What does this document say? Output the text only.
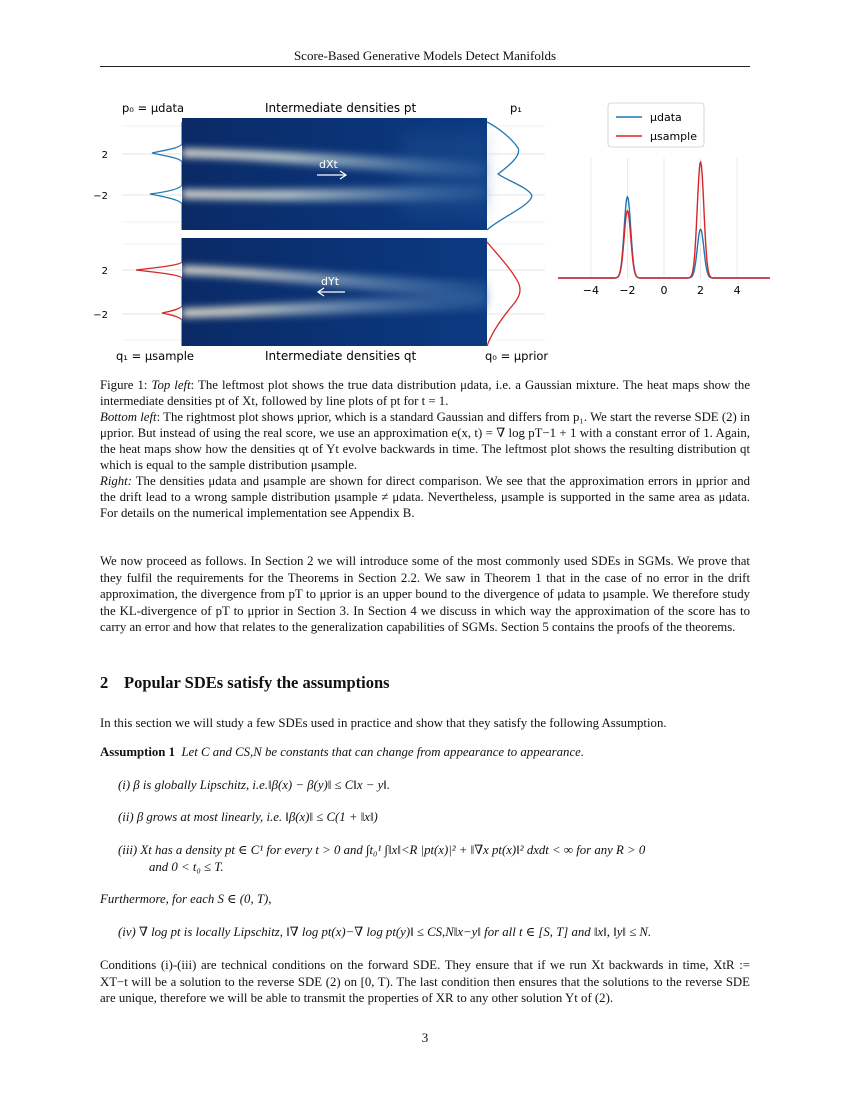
Score-Based Generative Models Detect Manifolds
p₀ = μdata	Intermediate densities pt	p₁
2
−2
dXt
2
−2
dYt
q₁ = μsample	Intermediate densities qt	q₀ = μprior
μdata
μsample
−4 −2 0	2	4

Figure 1: Top left: The leftmost plot shows the true data distribution μdata, i.e. a Gaussian mixture. The heat maps show the intermediate densities pt of Xt, followed by line plots of pt for t = 1.

Bottom left: The rightmost plot shows μprior, which is a standard Gaussian and differs from p₁. We start the reverse SDE (2) in μprior. But instead of using the real score, we use an approximation e(x, t) = ∇ log pT−1 + 1 with a constant error of 1. Again, the heat maps show how the densities qt of Yt evolve backwards in time. The leftmost plot shows the resulting distribution qt which is equal to the sample distribution μsample.

Right: The densities μdata and μsample are shown for direct comparison. We see that the approximation errors in μprior and the drift lead to a wrong sample distribution μsample ≠ μdata. Nevertheless, μsample is supported in the same area as μdata. For details on the numerical implementation see Appendix B.

We now proceed as follows. In Section 2 we will introduce some of the most commonly used SDEs in SGMs. We prove that they fulfil the requirements for the Theorems in Section 2.2. We saw in Theorem 1 that in the case of no error in the drift approximation, the divergence from pT to μprior is an upper bound to the divergence of μdata to μsample. We therefore study the KL-divergence of pT to μprior in Section 3. In Section 4 we discuss in which way the approximation of the score has to carry an error and how that relates to the generalization capabilities of SGMs. Section 5 contains the proofs of the theorems.
2 Popular SDEs satisfy the assumptions
In this section we will study a few SDEs used in practice and show that they satisfy the following Assumption.
Assumption 1 Let C and CS,N be constants that can change from appearance to appearance.
(i) β is globally Lipschitz, i.e.‖β(x) − β(y)‖ ≤ C‖x − y‖.
(ii) β grows at most linearly, i.e. ‖β(x)‖ ≤ C(1 + ‖x‖)
(iii) Xt has a density pt ∈ C¹ for every t > 0 and ∫t₀¹ ∫‖x‖<R |pt(x)|² + ‖∇x pt(x)‖² dxdt < ∞ for any R > 0
and 0 < t₀ ≤ T.
Furthermore, for each S ∈ (0, T),
(iv) ∇ log pt is locally Lipschitz, ‖∇ log pt(x)−∇ log pt(y)‖ ≤ CS,N‖x−y‖ for all t ∈ [S, T] and ‖x‖, ‖y‖ ≤ N.
Conditions (i)-(iii) are technical conditions on the forward SDE. They ensure that if we run Xt backwards in time, XtR := XT−t will be a solution to the reverse SDE (2) on [0, T). The last condition then ensures that the solutions to the reverse SDE are unique, therefore we will be able to transmit the properties of XR to any other solution Yt of (2).
3
